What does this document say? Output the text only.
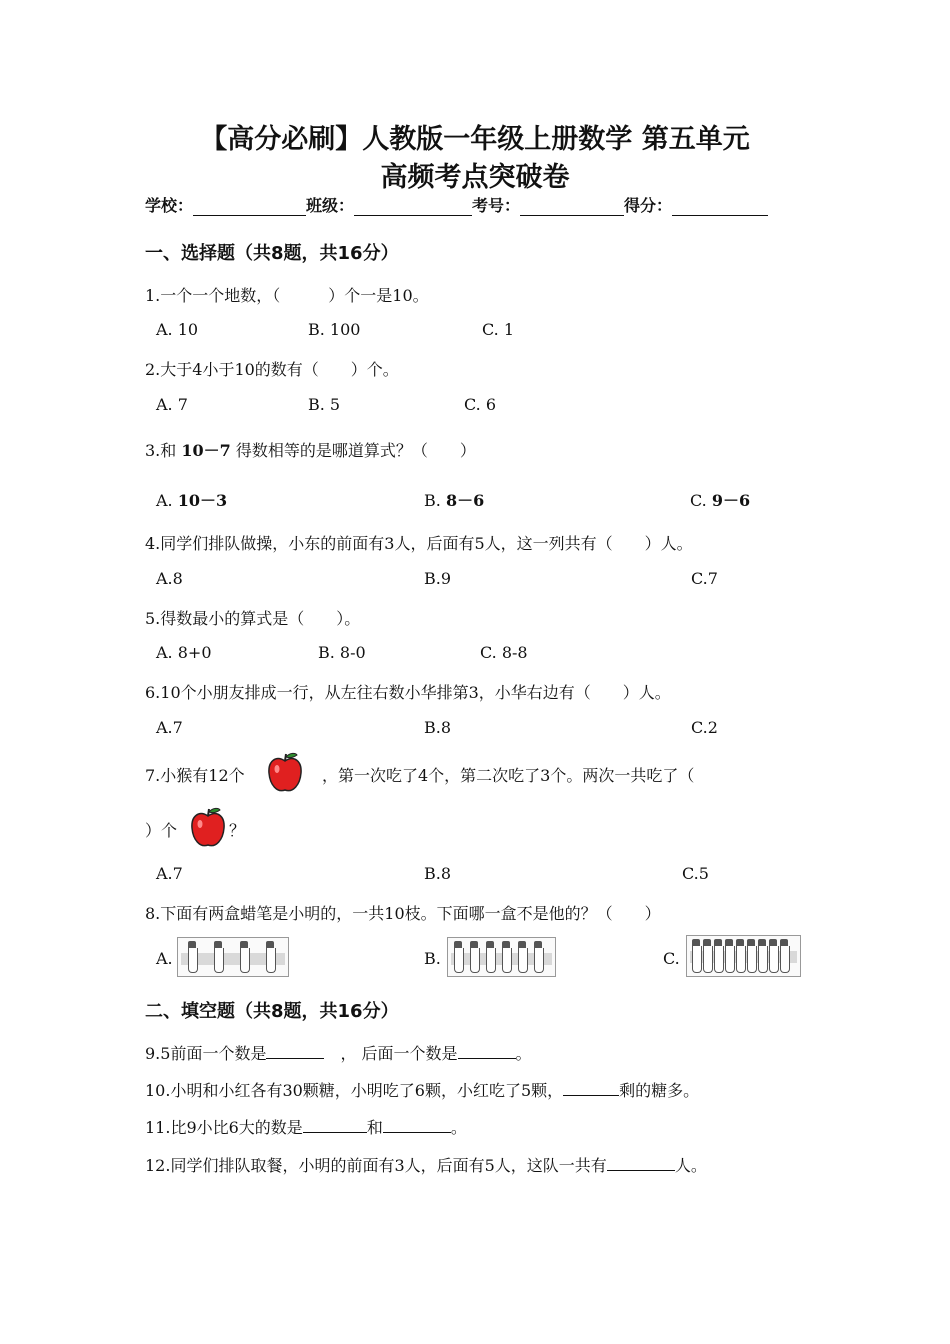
【高分必刷】人教版一年级上册数学 第五单元
高频考点突破卷
学校：	班级：	考号：	得分：
一、选择题（共8题，共16分）
1.一个一个地数，（　　　）个一是10。
A. 10	B. 100	C. 1
2.大于4小于10的数有（　　）个。
A. 7	B. 5	C. 6
3.和 10－7 得数相等的是哪道算式？（　　）
A. 10－3	B. 8－6	C. 9－6
4.同学们排队做操，小东的前面有3人，后面有5人，这一列共有（　　）人。
A.8	B.9	C.7
5.得数最小的算式是（　　）。
A. 8+0	B. 8-0	C. 8-8
6.10个小朋友排成一行，从左往右数小华排第3，小华右边有（　　）人。
A.7	B.8	C.2
7.小猴有12个	，第一次吃了4个，第二次吃了3个。两次一共吃了（
）个	？
A.7	B.8	C.5
8.下面有两盒蜡笔是小明的，一共10枝。下面哪一盒不是他的？（　　）
A.	B.	C.
二、填空题（共8题，共16分）
9.5前面一个数是	　， 后面一个数是	。
10.小明和小红各有30颗糖，小明吃了6颗，小红吃了5颗，	剩的糖多。
11.比9小比6大的数是	和	。
12.同学们排队取餐，小明的前面有3人，后面有5人，这队一共有	人。
